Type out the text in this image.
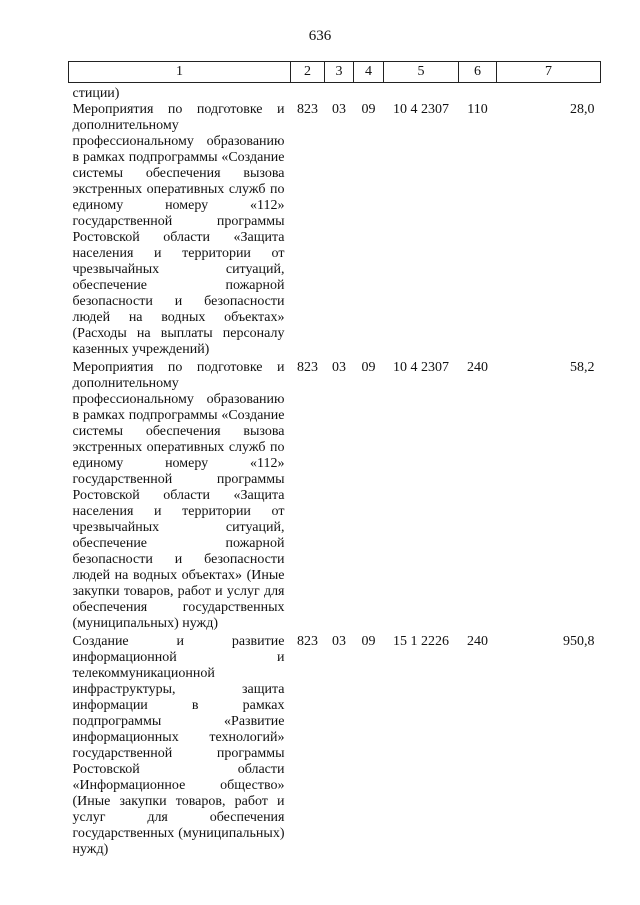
636
1	2	3	4	5	6	7
стиции)						
Мероприятия по подготовке и дополнительному профессиональному образованию в рамках подпрограммы «Создание системы обеспечения вызова экстренных оперативных служб по единому номеру «112» государственной программы Ростовской области «Защита населения и территории от чрезвычайных ситуаций, обеспечение пожарной безопасности и безопасности людей на водных объектах» (Расходы на выплаты персоналу казенных учреждений)	823	03	09	10 4 2307	110	28,0
Мероприятия по подготовке и дополнительному профессиональному образованию в рамках подпрограммы «Создание системы обеспечения вызова экстренных оперативных служб по единому номеру «112» государственной программы Ростовской области «Защита населения и территории от чрезвычайных ситуаций, обеспечение пожарной безопасности и безопасности людей на водных объектах» (Иные закупки товаров, работ и услуг для обеспечения государственных (муниципальных) нужд)	823	03	09	10 4 2307	240	58,2
Создание и развитие информационной и телекоммуникационной инфраструктуры, защита информации в рамках подпрограммы «Развитие информационных технологий» государственной программы Ростовской области «Информационное общество» (Иные закупки товаров, работ и услуг для обеспечения государственных (муниципальных) нужд)	823	03	09	15 1 2226	240	950,8
